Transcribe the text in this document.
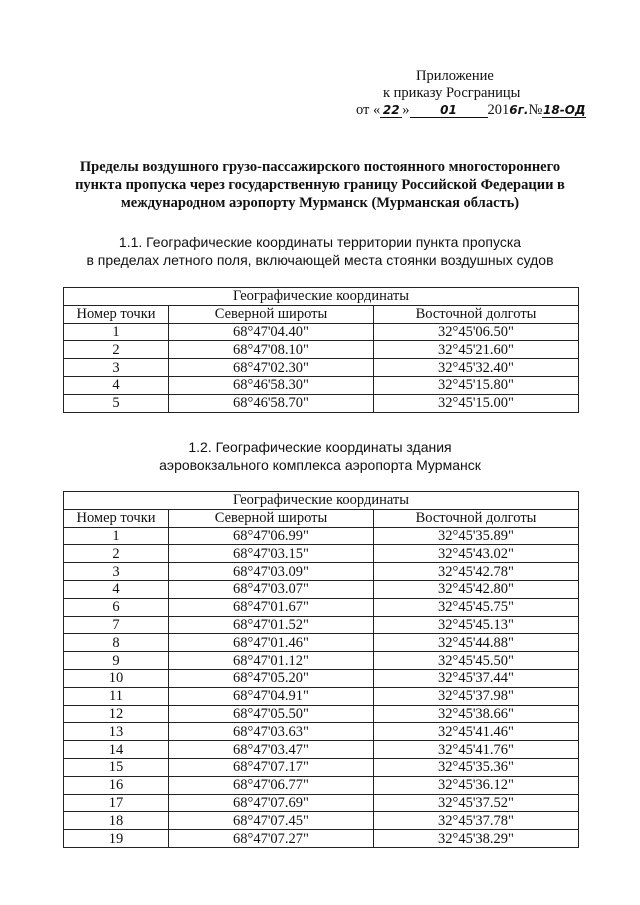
Приложение
к приказу Росграницы
от « 22 »	01 2016г.№18-ОД
Пределы воздушного грузо-пассажирского постоянного многостороннего пункта пропуска через государственную границу Российской Федерации в международном аэропорту Мурманск (Мурманская область)
1.1. Географические координаты территории пункта пропуска
в пределах летного поля, включающей места стоянки воздушных судов
Географические координаты		
Номер точки	Северной широты	Восточной долготы
1	68°47'04.40"	32°45'06.50"
2	68°47'08.10"	32°45'21.60"
3	68°47'02.30"	32°45'32.40"
4	68°46'58.30"	32°45'15.80"
5	68°46'58.70"	32°45'15.00"
1.2. Географические координаты здания
аэровокзального комплекса аэропорта Мурманск
Географические координаты		
Номер точки	Северной широты	Восточной долготы
1	68°47'06.99"	32°45'35.89"
2	68°47'03.15"	32°45'43.02"
3	68°47'03.09"	32°45'42.78"
4	68°47'03.07"	32°45'42.80"
6	68°47'01.67"	32°45'45.75"
7	68°47'01.52"	32°45'45.13"
8	68°47'01.46"	32°45'44.88"
9	68°47'01.12"	32°45'45.50"
10	68°47'05.20"	32°45'37.44"
11	68°47'04.91"	32°45'37.98"
12	68°47'05.50"	32°45'38.66"
13	68°47'03.63"	32°45'41.46"
14	68°47'03.47"	32°45'41.76"
15	68°47'07.17"	32°45'35.36"
16	68°47'06.77"	32°45'36.12"
17	68°47'07.69"	32°45'37.52"
18	68°47'07.45"	32°45'37.78"
19	68°47'07.27"	32°45'38.29"
